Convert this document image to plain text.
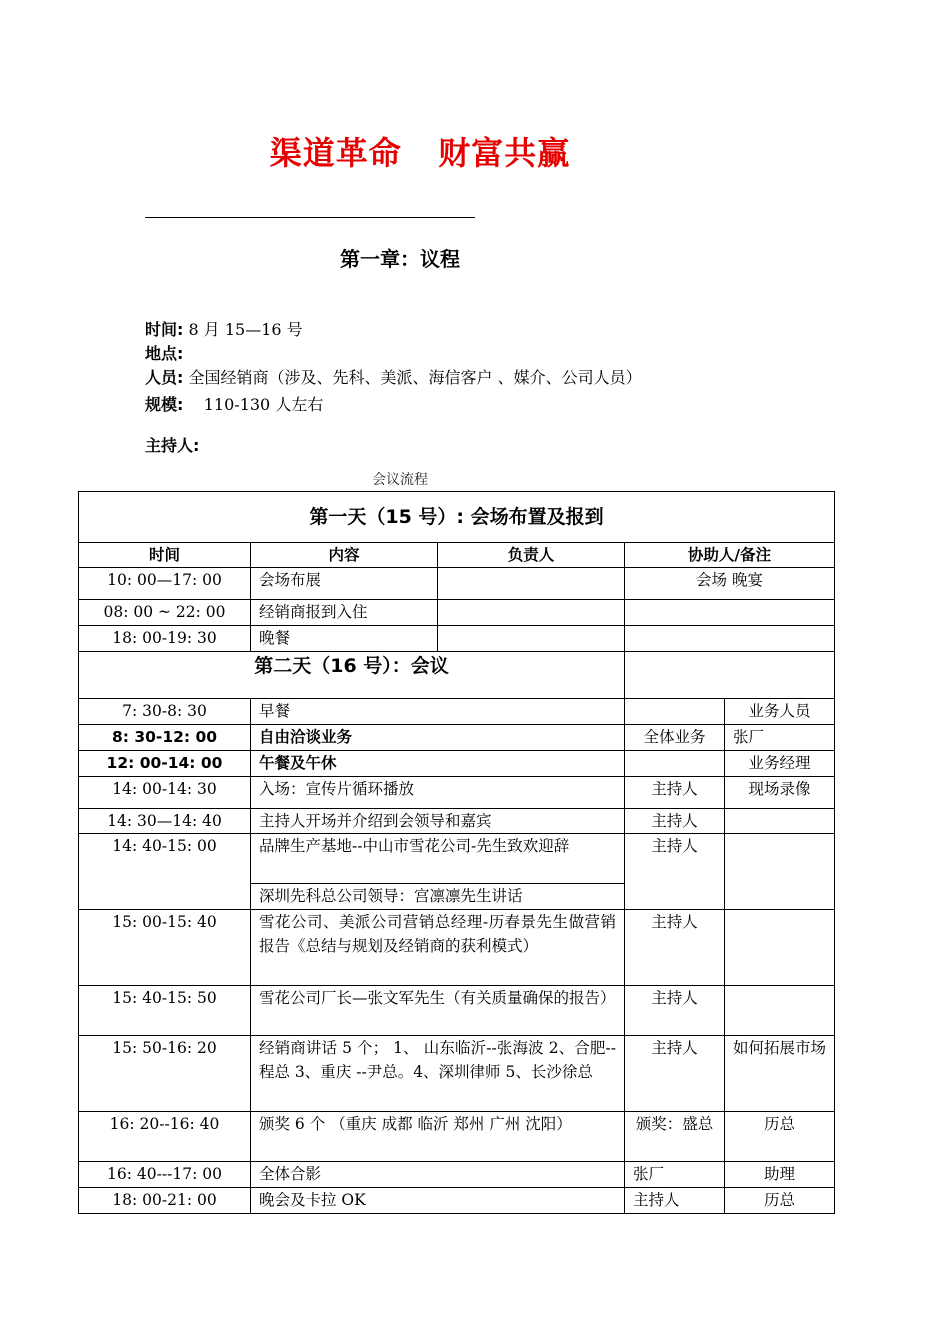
渠道革命   财富共赢
第一章：议程
时间: 8 月 15—16 号
地点:
人员: 全国经销商（涉及、先科、美派、海信客户 、媒介、公司人员）
规模:    110-130 人左右
主持人:
会议流程
第一天（15 号）: 会场布置及报到				
时间	内容	负责人	协助人/备注	
10: 00—17: 00	会场布展		会场 晚宴	
08: 00 ~ 22: 00	经销商报到入住			
18: 00-19: 30	晚餐			
第二天（16 号）：会议				
7: 30-8: 30	早餐			业务人员
8: 30-12: 00	自由洽谈业务		全体业务	张厂
12: 00-14: 00	午餐及午休			业务经理
14: 00-14: 30	入场：宣传片循环播放		主持人	现场录像
14: 30—14: 40	主持人开场并介绍到会领导和嘉宾		主持人	
14: 40-15: 00	品牌生产基地--中山市雪花公司-先生致欢迎辞		主持人	
	深圳先科总公司领导：宫凛凛先生讲话			
15: 00-15: 40	雪花公司、美派公司营销总经理-历春景先生做营销报告《总结与规划及经销商的获利模式）		主持人	
15: 40-15: 50	雪花公司厂长—张文军先生（有关质量确保的报告）		主持人	
15: 50-16: 20	经销商讲话 5 个； 1、 山东临沂--张海波 2、合肥--程总 3、重庆 --尹总。4、深圳律师 5、长沙徐总		主持人	如何拓展市场
16: 20--16: 40	颁奖 6 个 （重庆 成都 临沂 郑州 广州 沈阳）		颁奖：盛总	历总
16: 40---17: 00	全体合影		张厂	助理
18: 00-21: 00	晚会及卡拉 OK		主持人	历总
